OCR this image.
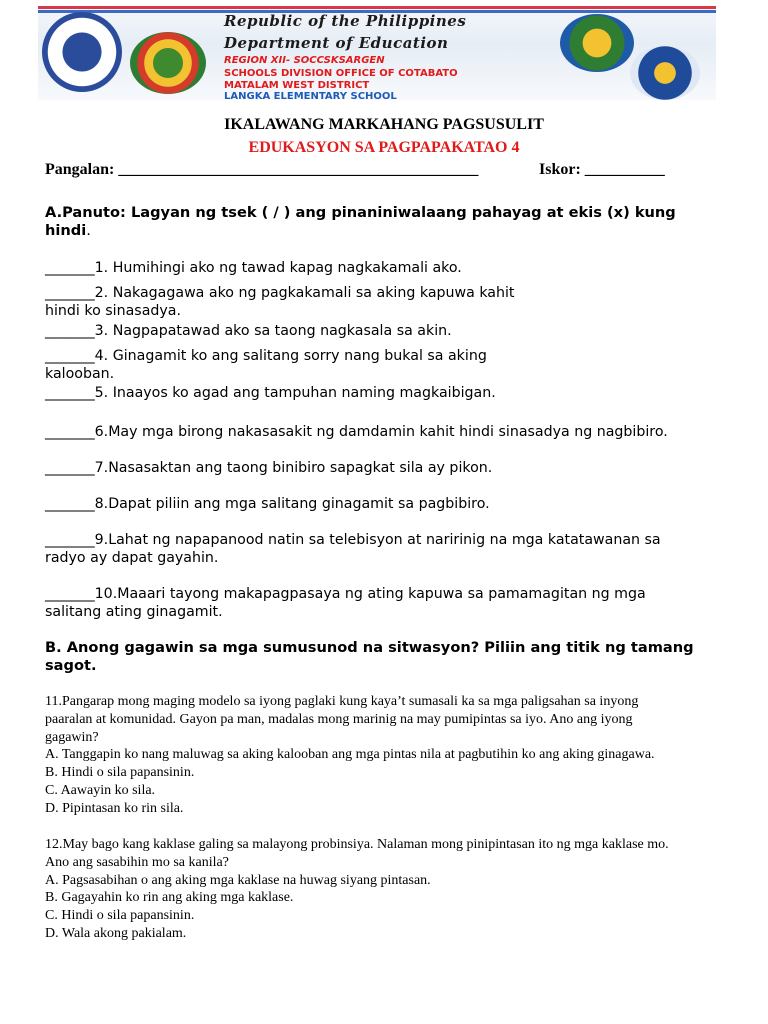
Republic of the Philippines
Department of Education
REGION XII- SOCCSKSARGEN
SCHOOLS DIVISION OFFICE OF COTABATO
MATALAM WEST DISTRICT
LANGKA ELEMENTARY SCHOOL
IKALAWANG MARKAHANG PAGSUSULIT
EDUKASYON SA PAGPAPAKATAO 4
Pangalan: _____________________________________________	Iskor: __________
A.Panuto: Lagyan ng tsek ( / ) ang pinaniniwalaang pahayag at ekis (x) kung
hindi.
_______1. Humihingi ako ng tawad kapag nagkakamali ako.
_______2. Nakagagawa ako ng pagkakamali sa aking kapuwa kahit
hindi ko sinasadya.
_______3. Nagpapatawad ako sa taong nagkasala sa akin.
_______4. Ginagamit ko ang salitang sorry nang bukal sa aking
kalooban.
_______5. Inaayos ko agad ang tampuhan naming magkaibigan.
_______6.May mga birong nakasasakit ng damdamin kahit hindi sinasadya ng nagbibiro.
_______7.Nasasaktan ang taong binibiro sapagkat sila ay pikon.
_______8.Dapat piliin ang mga salitang ginagamit sa pagbibiro.
_______9.Lahat ng napapanood natin sa telebisyon at naririnig na mga katatawanan sa
radyo ay dapat gayahin.
_______10.Maaari tayong makapagpasaya ng ating kapuwa sa pamamagitan ng mga
salitang ating ginagamit.
B. Anong gagawin sa mga sumusunod na sitwasyon? Piliin ang titik ng tamang
sagot.
11.Pangarap mong maging modelo sa iyong paglaki kung kaya’t sumasali ka sa mga paligsahan sa inyong
paaralan at komunidad. Gayon pa man, madalas mong marinig na may pumipintas sa iyo. Ano ang iyong
gagawin?
A. Tanggapin ko nang maluwag sa aking kalooban ang mga pintas nila at pagbutihin ko ang aking ginagawa.
B. Hindi o sila papansinin.
C. Aawayin ko sila.
D. Pipintasan ko rin sila.
12.May bago kang kaklase galing sa malayong probinsiya. Nalaman mong pinipintasan ito ng mga kaklase mo.
Ano ang sasabihin mo sa kanila?
A. Pagsasabihan o ang aking mga kaklase na huwag siyang pintasan.
B. Gagayahin ko rin ang aking mga kaklase.
C. Hindi o sila papansinin.
D. Wala akong pakialam.
